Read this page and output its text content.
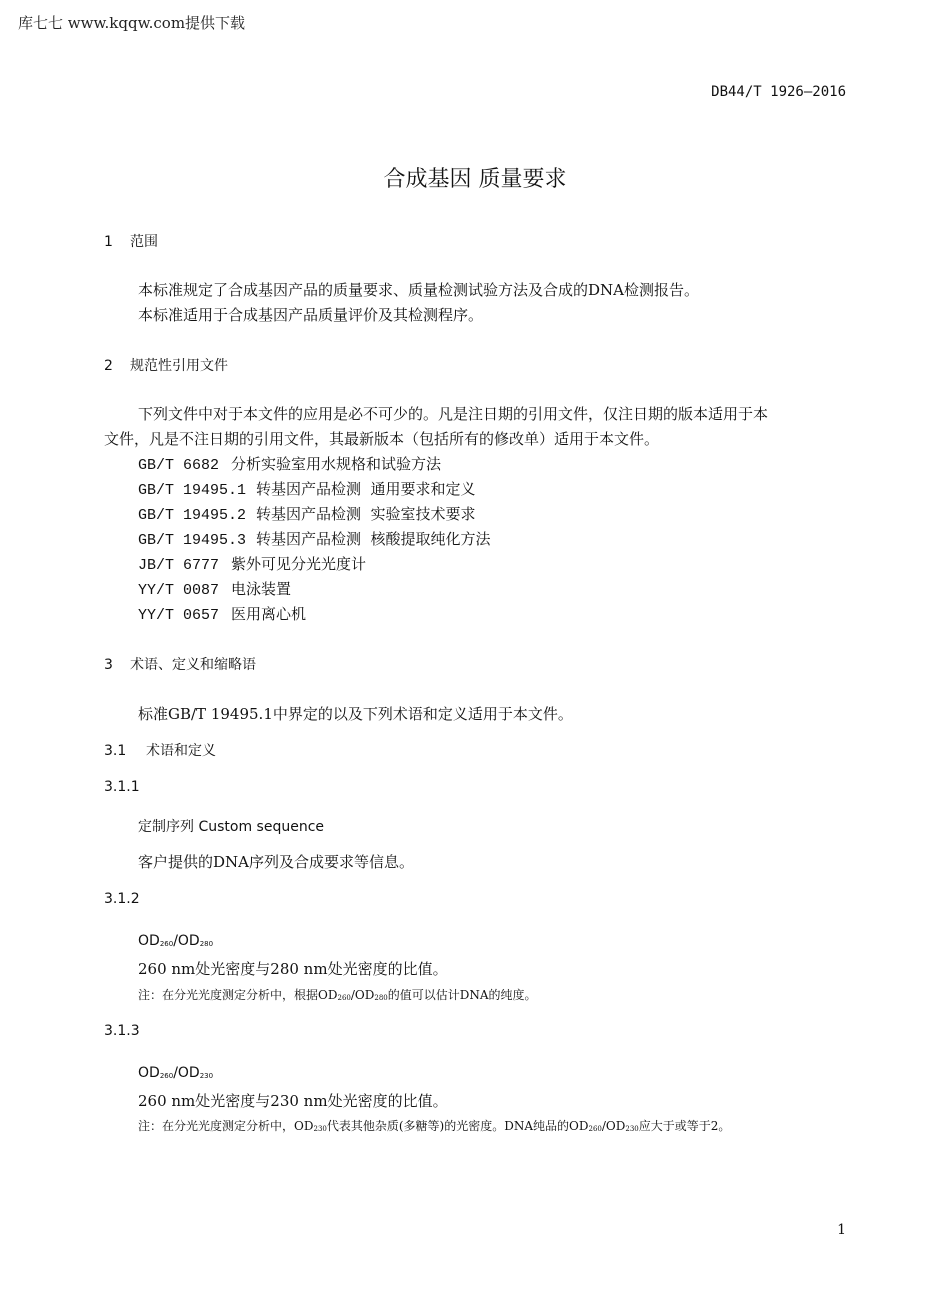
库七七 www.kqqw.com提供下载
DB44/T 1926—2016
合成基因 质量要求
1 范围
本标准规定了合成基因产品的质量要求、质量检测试验方法及合成的DNA检测报告。
本标准适用于合成基因产品质量评价及其检测程序。
2 规范性引用文件
下列文件中对于本文件的应用是必不可少的。凡是注日期的引用文件，仅注日期的版本适用于本
文件，凡是不注日期的引用文件，其最新版本（包括所有的修改单）适用于本文件。
GB/T 6682 分析实验室用水规格和试验方法
GB/T 19495.1 转基因产品检测  通用要求和定义
GB/T 19495.2 转基因产品检测  实验室技术要求
GB/T 19495.3 转基因产品检测  核酸提取纯化方法
JB/T 6777 紫外可见分光光度计
YY/T 0087 电泳装置
YY/T 0657 医用离心机
3 术语、定义和缩略语
标准GB/T 19495.1中界定的以及下列术语和定义适用于本文件。
3.1 术语和定义
3.1.1
定制序列 Custom sequence
客户提供的DNA序列及合成要求等信息。
3.1.2
$OD_{260}/OD_{280}$
260 nm处光密度与280 nm处光密度的比值。
注：在分光光度测定分析中，根据$OD_{260}/OD_{280}$的值可以估计DNA的纯度。
3.1.3
$OD_{260}/OD_{230}$
260 nm处光密度与230 nm处光密度的比值。
注：在分光光度测定分析中，$OD_{230}$代表其他杂质(多糖等)的光密度。DNA纯品的$OD_{260}/OD_{230}$应大于或等于2。
1
